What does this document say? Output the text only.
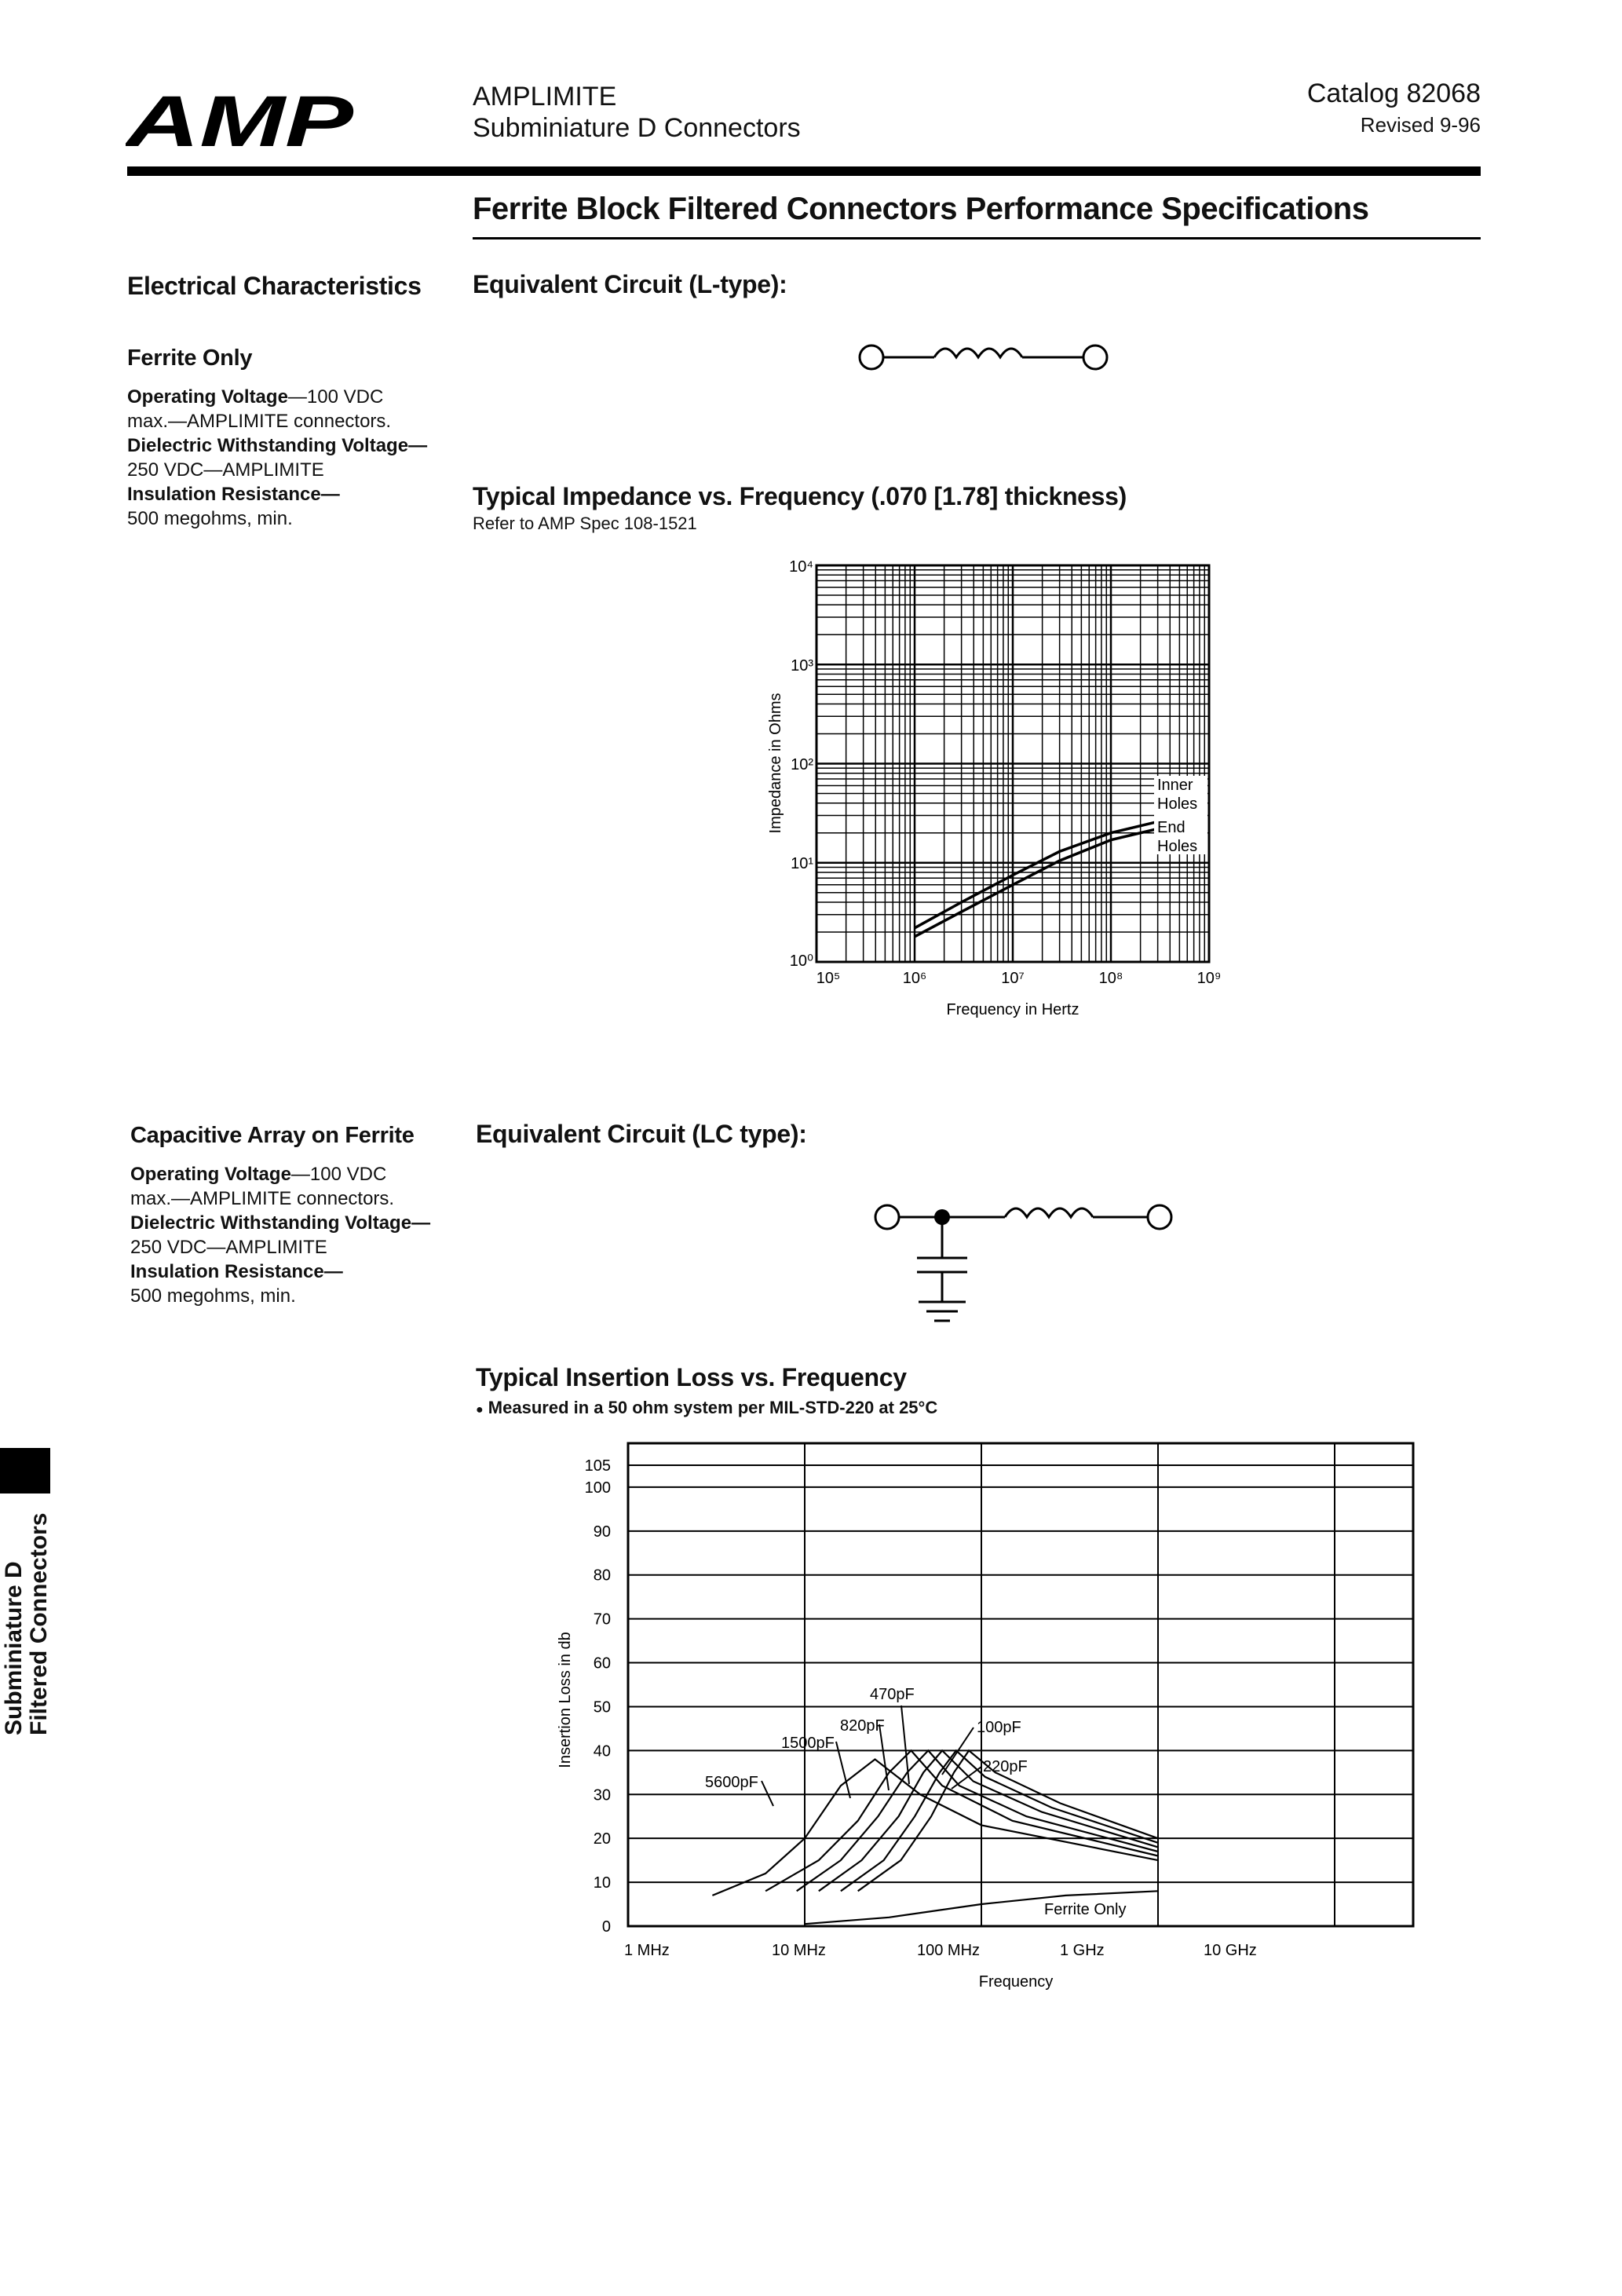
AMP	AMPLIMITE
Subminiature D Connectors
Catalog 82068
Revised 9-96
Ferrite Block Filtered Connectors Performance Specifications
Electrical Characteristics
Ferrite Only
Operating Voltage—100 VDC
max.—AMPLIMITE connectors.
Dielectric Withstanding Voltage—
250 VDC—AMPLIMITE
Insulation Resistance—
500 megohms, min.
Equivalent Circuit (L-type):
Typical Impedance vs. Frequency (.070 [1.78] thickness)
Refer to AMP Spec 108-1521
10⁴
10³
10²
10¹
10⁰
10⁵	10⁶	10⁷	10⁸	10⁹
Frequency in Hertz
Impedance in Ohms	Inner
Holes
End
Holes
Capacitive Array on Ferrite
Operating Voltage—100 VDC
max.—AMPLIMITE connectors.
Dielectric Withstanding Voltage—
250 VDC—AMPLIMITE
Insulation Resistance—
500 megohms, min.
Equivalent Circuit (LC type):
Typical Insertion Loss vs. Frequency
● Measured in a 50 ohm system per MIL-STD-220 at 25°C
0
10
20
30
40
50
60
70
80
90
100
105
1 MHz	10 MHz	100 MHz	1 GHz	10 GHz
Frequency
Insertion Loss in db
5600pF
1500pF
820pF
470pF
220pF
100pF
Ferrite Only
Subminiature D Filtered Connectors
